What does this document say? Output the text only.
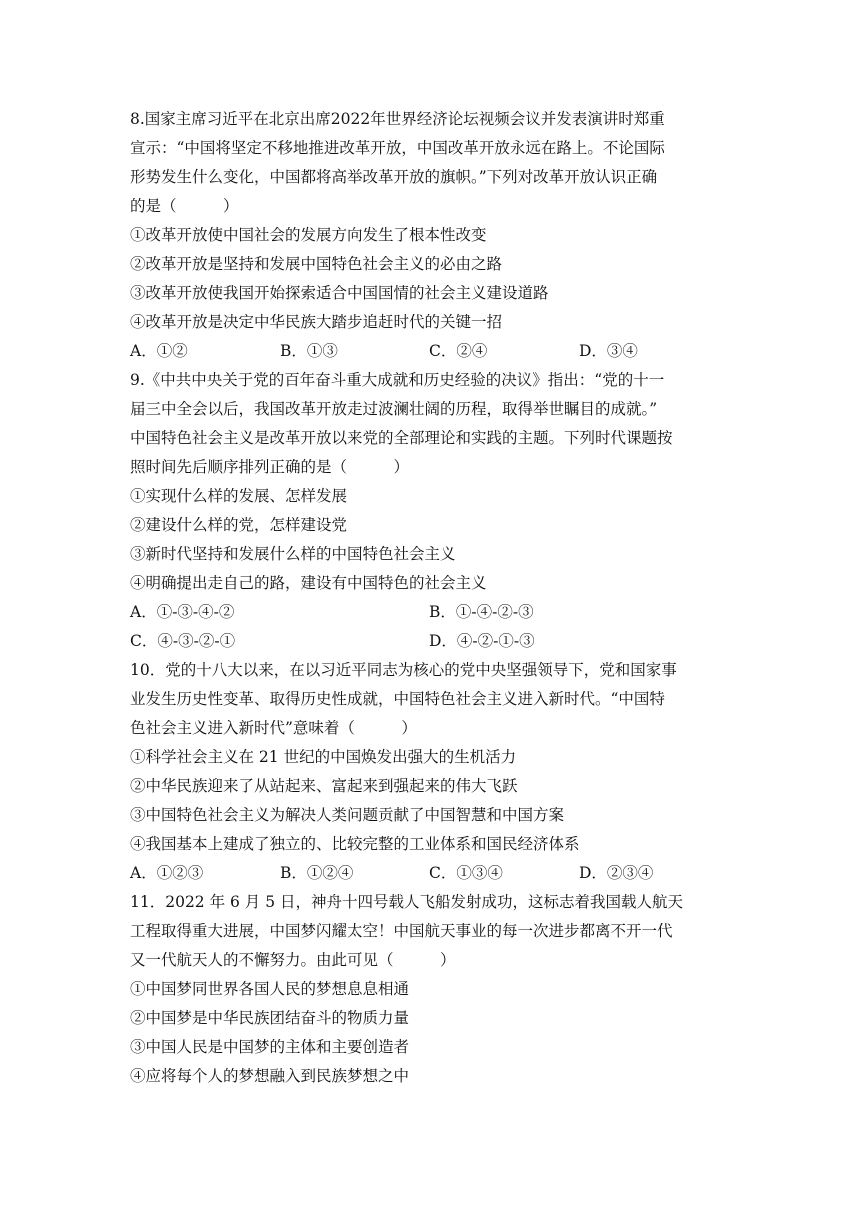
8.国家主席习近平在北京出席2022年世界经济论坛视频会议并发表演讲时郑重
宣示：“中国将坚定不移地推进改革开放，中国改革开放永远在路上。不论国际
形势发生什么变化，中国都将高举改革开放的旗帜。”下列对改革开放认识正确
的是（　　　）
①改革开放使中国社会的发展方向发生了根本性改变
②改革开放是坚持和发展中国特色社会主义的必由之路
③改革开放使我国开始探索适合中国国情的社会主义建设道路
④改革开放是决定中华民族大踏步追赶时代的关键一招
A．①②	B．①③	C．②④	D．③④
9.《中共中央关于党的百年奋斗重大成就和历史经验的决议》指出：“党的十一
届三中全会以后，我国改革开放走过波澜壮阔的历程，取得举世瞩目的成就。”
中国特色社会主义是改革开放以来党的全部理论和实践的主题。下列时代课题按
照时间先后顺序排列正确的是（　　　）
①实现什么样的发展、怎样发展
②建设什么样的党，怎样建设党
③新时代坚持和发展什么样的中国特色社会主义
④明确提出走自己的路，建设有中国特色的社会主义
A．①-③-④-②	B．①-④-②-③
C．④-③-②-①	D．④-②-①-③
10．党的十八大以来，在以习近平同志为核心的党中央坚强领导下，党和国家事
业发生历史性变革、取得历史性成就，中国特色社会主义进入新时代。“中国特
色社会主义进入新时代”意味着（　　　）
①科学社会主义在 21 世纪的中国焕发出强大的生机活力
②中华民族迎来了从站起来、富起来到强起来的伟大飞跃
③中国特色社会主义为解决人类问题贡献了中国智慧和中国方案
④我国基本上建成了独立的、比较完整的工业体系和国民经济体系
A．①②③	B．①②④	C．①③④	D．②③④
11．2022 年 6 月 5 日，神舟十四号载人飞船发射成功，这标志着我国载人航天
工程取得重大进展，中国梦闪耀太空！中国航天事业的每一次进步都离不开一代
又一代航天人的不懈努力。由此可见（　　　）
①中国梦同世界各国人民的梦想息息相通
②中国梦是中华民族团结奋斗的物质力量
③中国人民是中国梦的主体和主要创造者
④应将每个人的梦想融入到民族梦想之中
